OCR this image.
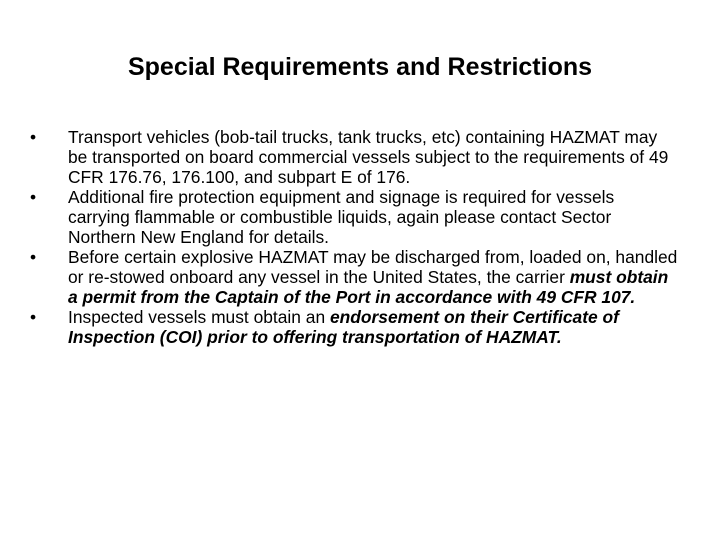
Special Requirements and Restrictions
•	Transport vehicles (bob-tail trucks, tank trucks, etc) containing HAZMAT may be transported on board commercial vessels subject to the requirements of 49 CFR 176.76, 176.100, and subpart E of 176.
•	Additional fire protection equipment and signage is required for vessels carrying flammable or combustible liquids, again please contact Sector Northern New England for details.
•	Before certain explosive HAZMAT may be discharged from, loaded on, handled or re-stowed onboard any vessel in the United States, the carrier must obtain a permit from the Captain of the Port in accordance with 49 CFR 107.
•	Inspected vessels must obtain an endorsement on their Certificate of Inspection (COI) prior to offering transportation of HAZMAT.
